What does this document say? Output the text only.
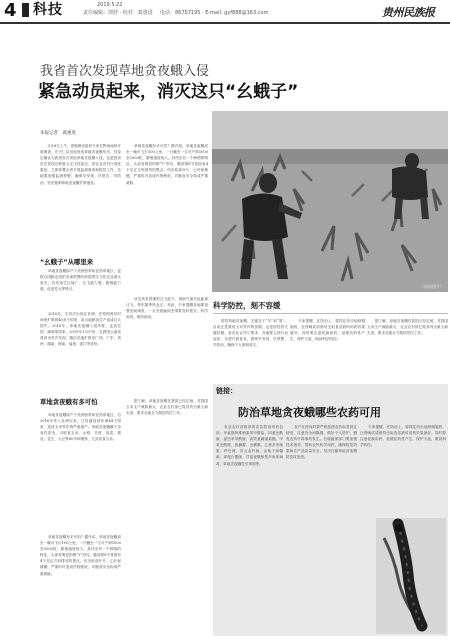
4 科技	2019.5.22
责任编辑：谭舒 · 校对：葛惠进 电话：86757195 · E-mail: gyf888@163.com	贵州民族报
我省首次发现草地贪夜蛾入侵
紧急动员起来，消灭这只“幺蛾子”
（资料图片）
本报记者　葛惠进
5月8日上午，省植保站组织专家在黔西南州开展调查，在兴仁县田间发现草地贪夜蛾幼虫，经鉴定确认为我省首次发现草地贪夜蛾入侵。这是我省首次发现这种重大迁飞性害虫，省农业农村厅高度重视，立即部署全省开展监测调查和防控工作，各地要加强监测预警，确保早发现、早报告、早防治，坚决遏制草地贪夜蛾扩散蔓延。
“幺蛾子”从哪里来
草地贪夜蛾原产于美洲热带和亚热带地区，是联合国粮农组织全球预警的跨国界迁飞性农业重大害虫，具有适生区域广、迁飞能力强、繁殖能力强、危害性大等特点。
2016年，它首次出现在非洲，在短短两年时间里扩散到40多个国家，给当地粮食生产造成巨大损失。2018年，草地贪夜蛾入侵印度、孟加拉国、缅甸等国家，2019年1月中旬，在我国云南省普洱市首次发现，随后迅速扩散至广西、广东、贵州、湖南、海南、福建、浙江等省份。
草地贪夜蛾有多可怕
草地贪夜蛾原产于美洲热带和亚热带地区，自2016年传入非洲以来，已经蔓延到非洲44个国家，造成玉米等作物严重减产。草地贪夜蛾属于杂食性害虫，可取食玉米、水稻、甘蔗、高粱、棉花、花生、大豆等80多种植物，尤其喜食玉米。
草地贪夜蛾有多可怕？据介绍，草地贪夜蛾成虫一晚可飞行100公里，一只雌虫一生可产卵1000至2000粒，繁殖速度惊人。其幼虫有一个鲜明的特征，头部有明显的倒“Y”形纹，腹部第8节背面有4个呈正方形排列的黑点。幼虫取食叶片、心叶和雄穗，严重时可造成作物绝收，对粮食安全构成严重威胁。
草地贪夜蛾有多可怕？据介绍，草地贪夜蛾成虫一晚可飞行100公里，一只雌虫一生可产卵1000至2000粒，繁殖速度惊人。其幼虫有一个鲜明的特征，头部有明显的倒“Y”形纹，腹部第8节背面有4个呈正方形排列的黑点。幼虫取食叶片、心叶和雄穗，严重时可造成作物绝收，对粮食安全构成严重威胁。
该虫具有很强的迁飞能力，借助气流可远距离迁飞，每年随季风北迁。对此，专家提醒各地要加强田间调查，一旦发现疑似虫情要及时报告，科学用药，统防统治。
据了解，草地贪夜蛾在我国已经定殖，对我国玉米生产威胁最大，农业农村部已将其列为重大病虫害，要求各地全力做好防控工作。
科学防控，刻不容缓
防控草地贪夜蛾，关键在于“早”和“准”。目前正是我省玉米等作物苗期，也是防控的关键时期。省农业农村厅要求，各地要立即行动起来，全面开展普查，做到早发现、早预警、早防治，确保不大面积成灾。
专家提醒，在防治上，要抓住幼虫低龄期施药，在傍晚或清晨幼虫取食活跃时用药效果最好。同时要注意轮换用药，延缓抗药性产生，保护天敌，做到科学防控。
据了解，草地贪夜蛾在我国已经定殖，对我国玉米生产威胁最大，农业农村部已将其列为重大病虫害，要求各地全力做好防控工作。
链接：
防治草地贪夜蛾哪些农药可用
农业农村部推荐的应急防治用药包括：甲氨基阿维菌素苯甲酸盐、四氯虫酰胺、氯虫苯甲酰胺、高效氯氟氰菊酯、甲氧虫酰肼、虱螨脲、虫螨腈、乙基多杀菌素、茚虫威、苏云金杆菌、金龟子绿僵菌、球孢白僵菌、甘蓝夜蛾核型多角体病毒、草地贪夜蛾性引诱剂等。
农户在使用时要严格按照农药标签规定使用，注意安全间隔期，做好个人防护，避免农药中毒事故发生。各级植保部门要加强技术指导，帮助农民科学用药，确保防控效果和农产品质量安全，坚决打赢草地贪夜蛾防控攻坚战。
专家提醒，在防治上，要抓住幼虫低龄期施药，在傍晚或清晨幼虫取食活跃时用药效果最好。同时要注意轮换用药，延缓抗药性产生，保护天敌，做到科学防控。
